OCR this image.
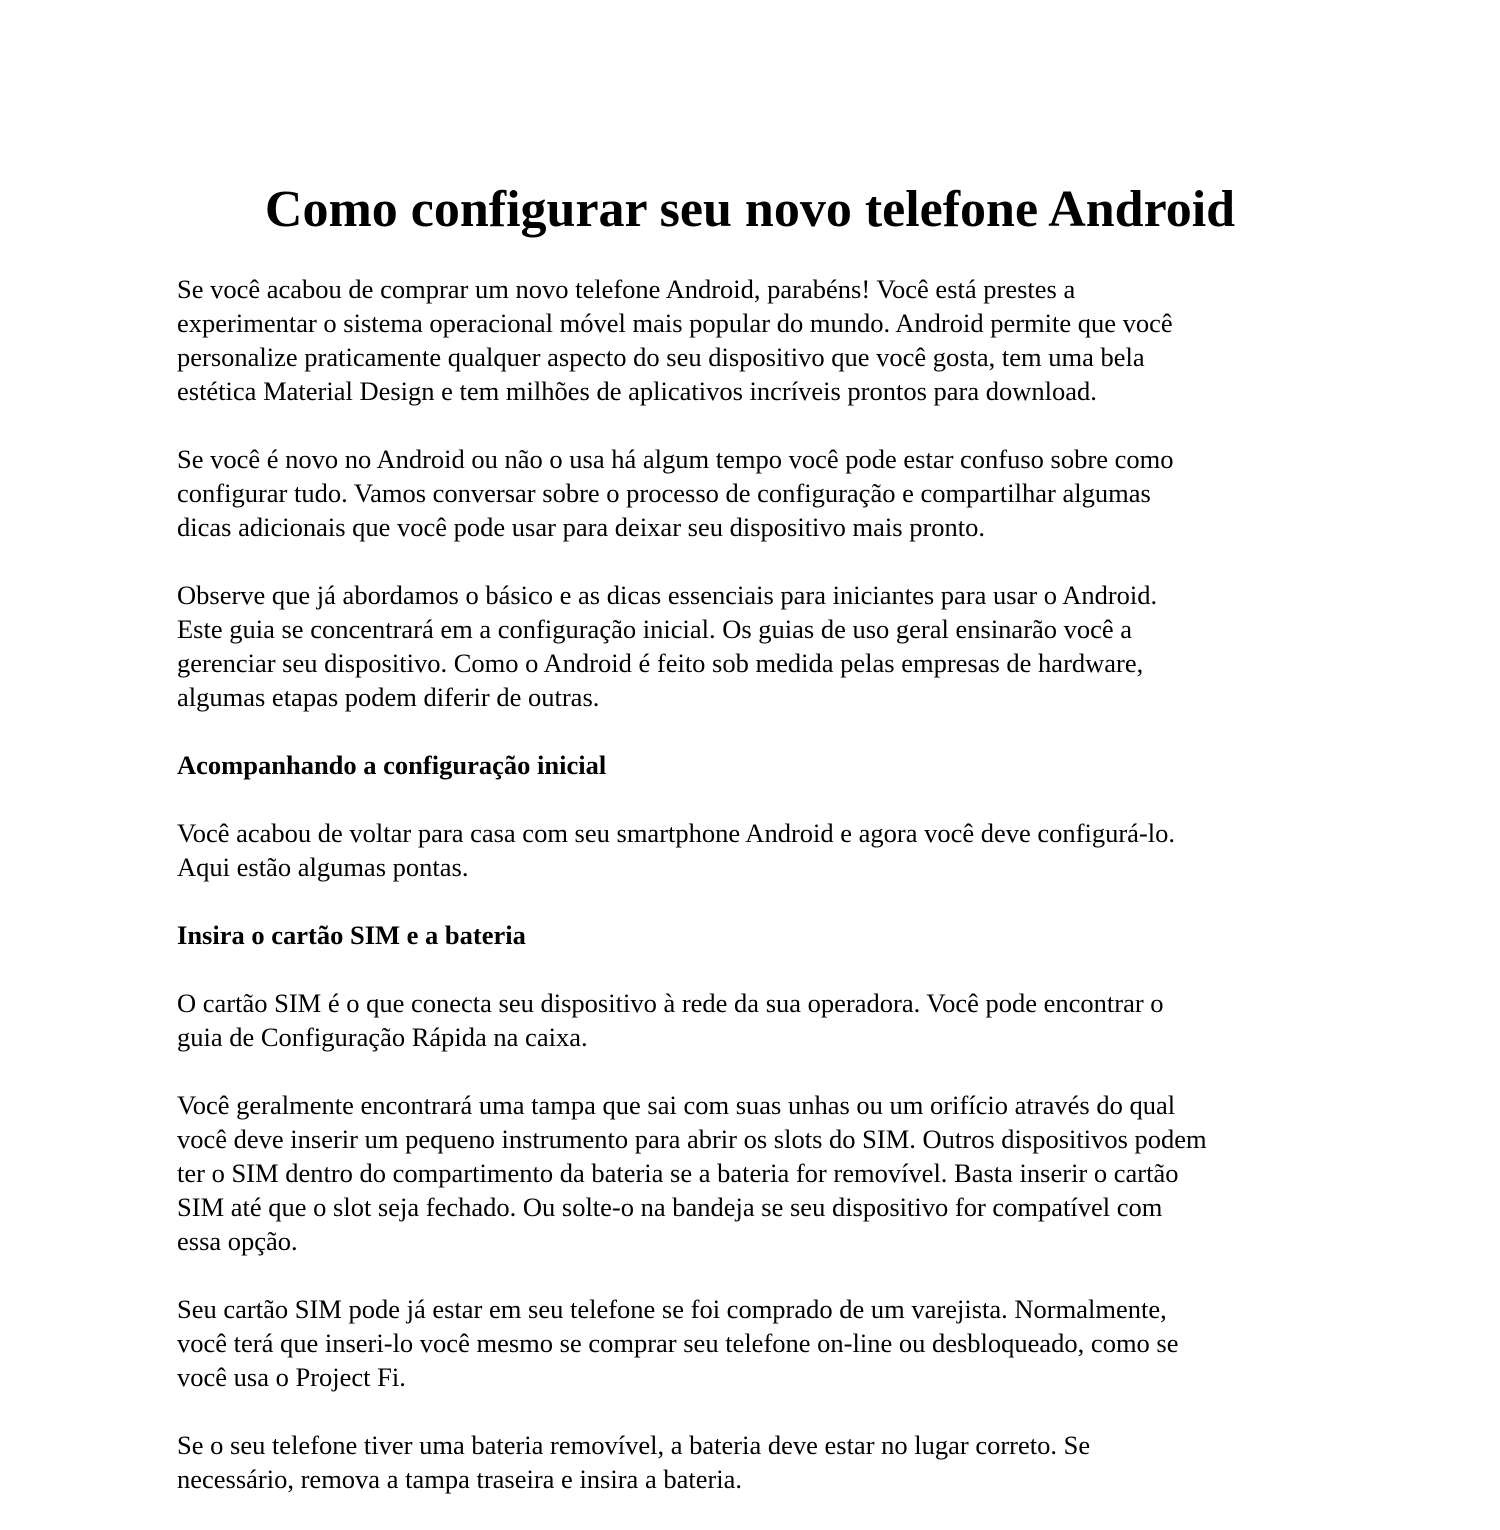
Como configurar seu novo telefone Android

Se você acabou de comprar um novo telefone Android, parabéns! Você está prestes a
experimentar o sistema operacional móvel mais popular do mundo. Android permite que você
personalize praticamente qualquer aspecto do seu dispositivo que você gosta, tem uma bela
estética Material Design e tem milhões de aplicativos incríveis prontos para download.

Se você é novo no Android ou não o usa há algum tempo você pode estar confuso sobre como
configurar tudo. Vamos conversar sobre o processo de configuração e compartilhar algumas
dicas adicionais que você pode usar para deixar seu dispositivo mais pronto.

Observe que já abordamos o básico e as dicas essenciais para iniciantes para usar o Android.
Este guia se concentrará em a configuração inicial. Os guias de uso geral ensinarão você a
gerenciar seu dispositivo. Como o Android é feito sob medida pelas empresas de hardware,
algumas etapas podem diferir de outras.

Acompanhando a configuração inicial

Você acabou de voltar para casa com seu smartphone Android e agora você deve configurá-lo.
Aqui estão algumas pontas.

Insira o cartão SIM e a bateria

O cartão SIM é o que conecta seu dispositivo à rede da sua operadora. Você pode encontrar o
guia de Configuração Rápida na caixa.

Você geralmente encontrará uma tampa que sai com suas unhas ou um orifício através do qual
você deve inserir um pequeno instrumento para abrir os slots do SIM. Outros dispositivos podem
ter o SIM dentro do compartimento da bateria se a bateria for removível. Basta inserir o cartão
SIM até que o slot seja fechado. Ou solte-o na bandeja se seu dispositivo for compatível com
essa opção.

Seu cartão SIM pode já estar em seu telefone se foi comprado de um varejista. Normalmente,
você terá que inseri-lo você mesmo se comprar seu telefone on-line ou desbloqueado, como se
você usa o Project Fi.

Se o seu telefone tiver uma bateria removível, a bateria deve estar no lugar correto. Se
necessário, remova a tampa traseira e insira a bateria.
